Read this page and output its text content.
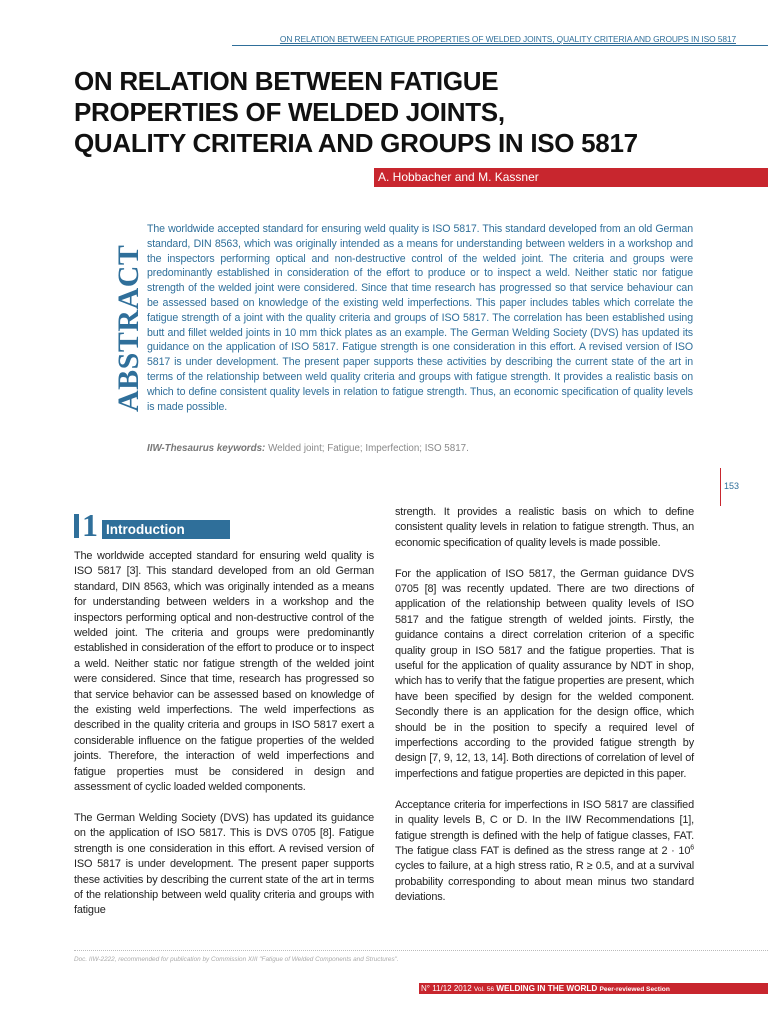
ON RELATION BETWEEN FATIGUE PROPERTIES OF WELDED JOINTS, QUALITY CRITERIA AND GROUPS IN ISO 5817
ON RELATION BETWEEN FATIGUE
PROPERTIES OF WELDED JOINTS,
QUALITY CRITERIA AND GROUPS IN ISO 5817
A. Hobbacher and M. Kassner
ABSTRACT

The worldwide accepted standard for ensuring weld quality is ISO 5817. This standard developed from an old German standard, DIN 8563, which was originally intended as a means for understanding between welders in a workshop and the inspectors performing optical and non-destructive control of the welded joint. The criteria and groups were predominantly established in consideration of the effort to produce or to inspect a weld. Neither static nor fatigue strength of the welded joint were considered. Since that time research has progressed so that service behaviour can be assessed based on knowledge of the existing weld imperfections. This paper includes tables which correlate the fatigue strength of a joint with the quality criteria and groups of ISO 5817. The correlation has been established using butt and fillet welded joints in 10 mm thick plates as an example. The German Welding Society (DVS) has updated its guidance on the application of ISO 5817. Fatigue strength is one consideration in this effort. A revised version of ISO 5817 is under development. The present paper supports these activities by describing the current state of the art in terms of the relationship between weld quality criteria and groups with fatigue strength. It provides a realistic basis on which to define consistent quality levels in relation to fatigue strength. Thus, an economic specification of quality levels is made possible.

IIW-Thesaurus keywords: Welded joint; Fatigue; Imperfection; ISO 5817.

153
1 Introduction

The worldwide accepted standard for ensuring weld quality is ISO 5817 [3]. This standard developed from an old German standard, DIN 8563, which was originally intended as a means for understanding between welders in a workshop and the inspectors performing optical and non-destructive control of the welded joint. The criteria and groups were predominantly established in consideration of the effort to produce or to inspect a weld. Neither static nor fatigue strength of the welded joint were considered. Since that time, research has progressed so that service behavior can be assessed based on knowledge of the existing weld imperfections. The weld imperfections as described in the quality criteria and groups in ISO 5817 exert a considerable influence on the fatigue properties of the welded joints. Therefore, the interaction of weld imperfections and fatigue properties must be considered in design and assessment of cyclic loaded welded components.

The German Welding Society (DVS) has updated its guidance on the application of ISO 5817. This is DVS 0705 [8]. Fatigue strength is one consideration in this effort. A revised version of ISO 5817 is under development. The present paper supports these activities by describing the current state of the art in terms of the relationship between weld quality criteria and groups with fatigue

strength. It provides a realistic basis on which to define consistent quality levels in relation to fatigue strength. Thus, an economic specification of quality levels is made possible.

For the application of ISO 5817, the German guidance DVS 0705 [8] was recently updated. There are two directions of application of the relationship between quality levels of ISO 5817 and the fatigue strength of welded joints. Firstly, the guidance contains a direct correlation criterion of a specific quality group in ISO 5817 and the fatigue properties. That is useful for the application of quality assurance by NDT in shop, which has to verify that the fatigue properties are present, which have been specified by design for the welded component. Secondly there is an application for the design office, which should be in the position to specify a required level of imperfections according to the provided fatigue strength by design [7, 9, 12, 13, 14]. Both directions of correlation of level of imperfections and fatigue properties are depicted in this paper.

Acceptance criteria for imperfections in ISO 5817 are classified in quality levels B, C or D. In the IIW Recommendations [1], fatigue strength is defined with the help of fatigue classes, FAT. The fatigue class FAT is defined as the stress range at $2 \cdot 10^6$ cycles to failure, at a high stress ratio, R ≥ 0.5, and at a survival probability corresponding to about mean minus two standard deviations.

Doc. IIW-2222, recommended for publication by Commission XIII "Fatigue of Welded Components and Structures".
N° 11/12 2012 Vol. 56 WELDING IN THE WORLD Peer-reviewed Section
